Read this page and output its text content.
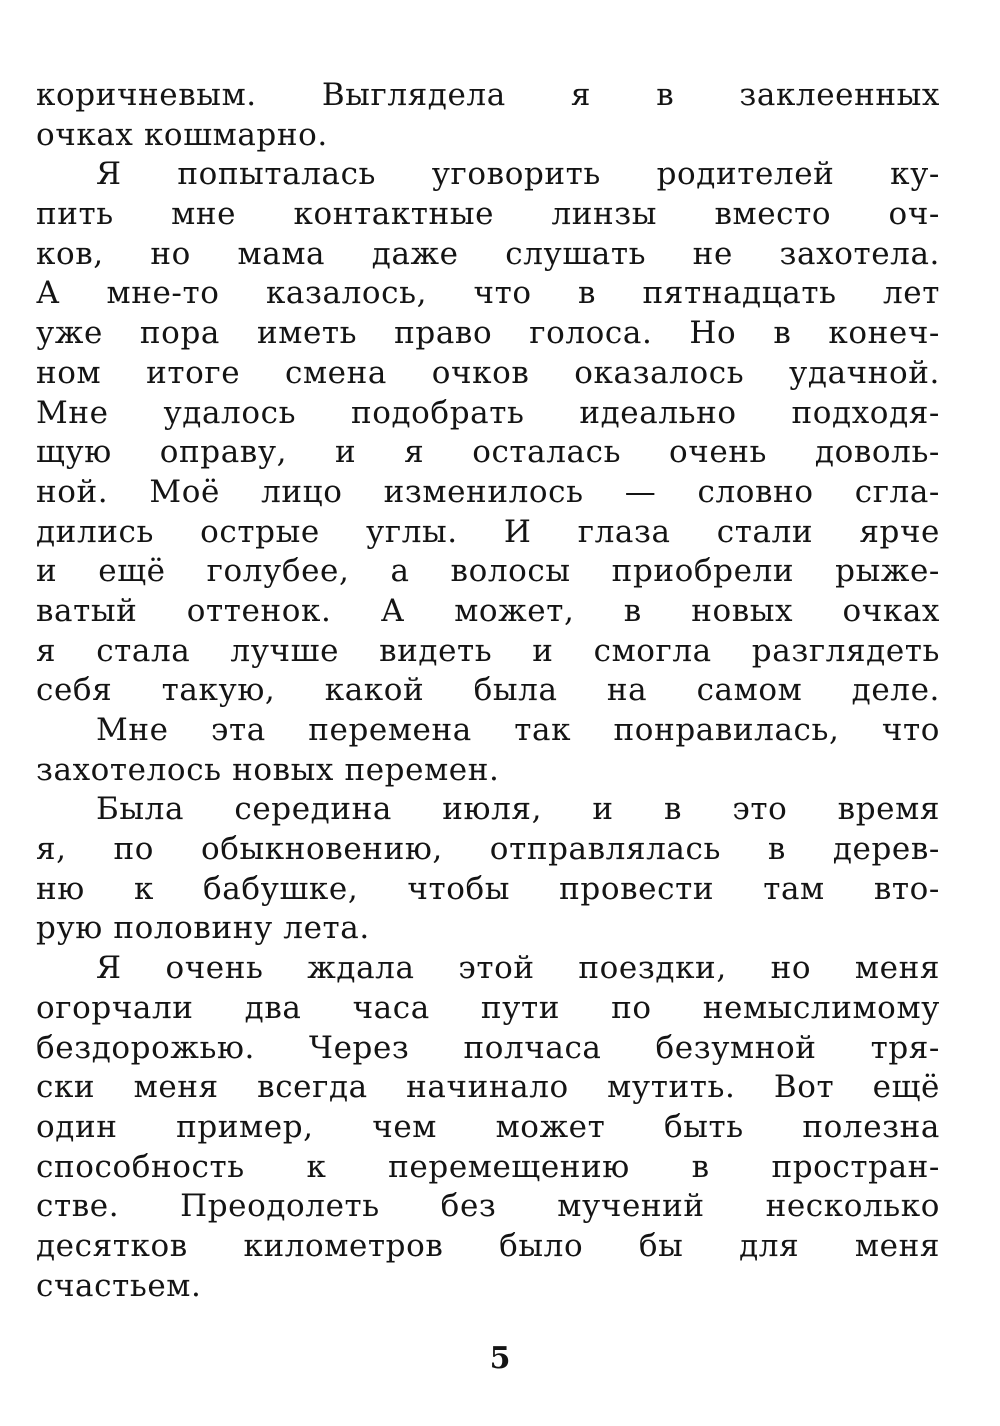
коричневым. Выглядела я в заклеенных
очках кошмарно.
Я попыталась уговорить родителей ку-
пить мне контактные линзы вместо оч-
ков, но мама даже слушать не захотела.
А мне-то казалось, что в пятнадцать лет
уже пора иметь право голоса. Но в конеч-
ном итоге смена очков оказалось удачной.
Мне удалось подобрать идеально подходя-
щую оправу, и я осталась очень доволь-
ной. Моё лицо изменилось — словно сгла-
дились острые углы. И глаза стали ярче
и ещё голубее, а волосы приобрели рыже-
ватый оттенок. А может, в новых очках
я стала лучше видеть и смогла разглядеть
себя такую, какой была на самом деле.
Мне эта перемена так понравилась, что
захотелось новых перемен.
Была середина июля, и в это время
я, по обыкновению, отправлялась в дерев-
ню к бабушке, чтобы провести там вто-
рую половину лета.
Я очень ждала этой поездки, но меня
огорчали два часа пути по немыслимому
бездорожью. Через полчаса безумной тря-
ски меня всегда начинало мутить. Вот ещё
один пример, чем может быть полезна
способность к перемещению в простран-
стве. Преодолеть без мучений несколько
десятков километров было бы для меня
счастьем.
5
